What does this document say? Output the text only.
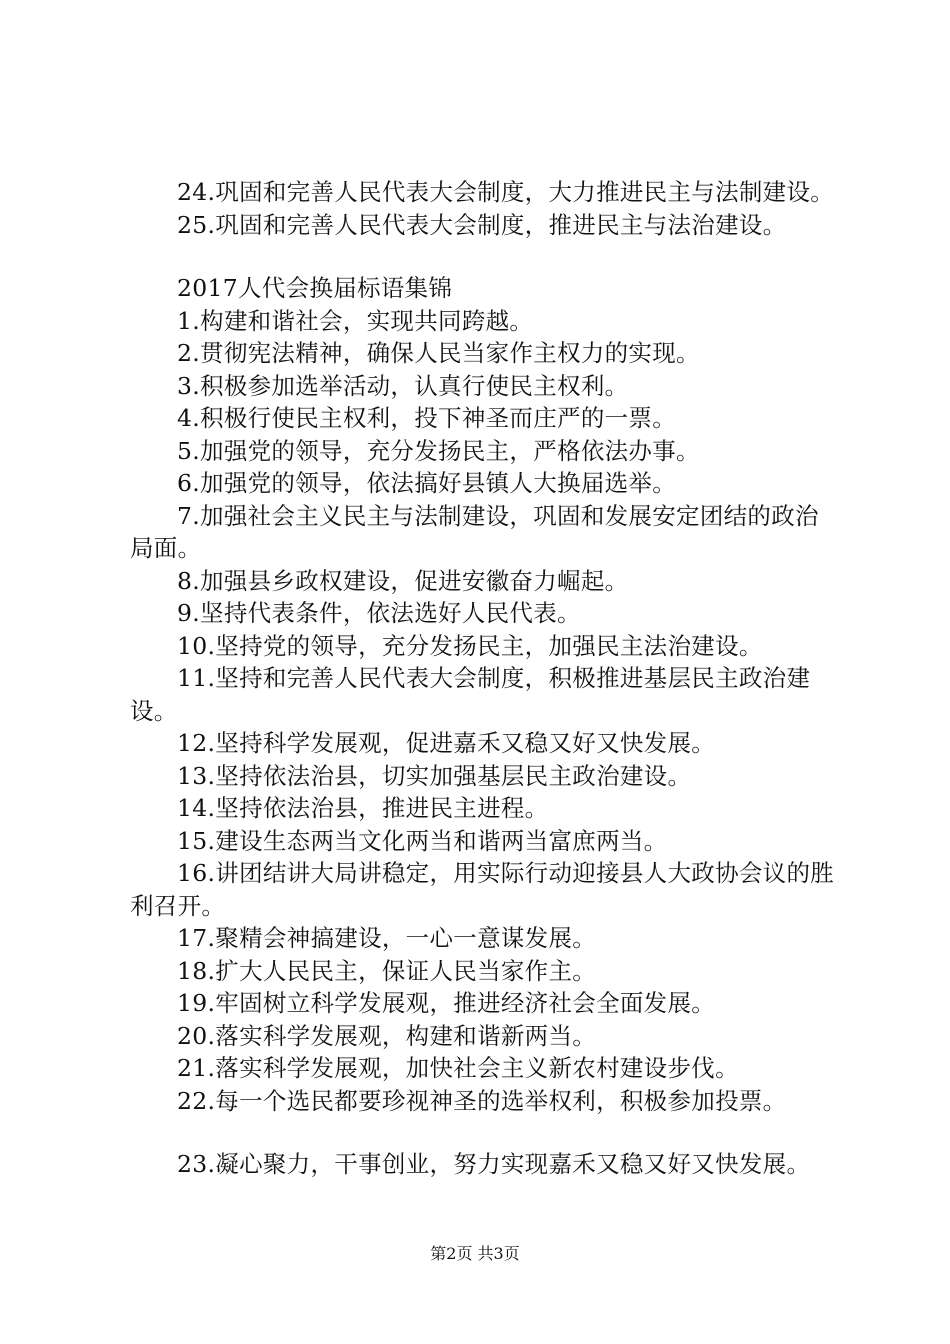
24.巩固和完善人民代表大会制度，大力推进民主与法制建设。

25.巩固和完善人民代表大会制度，推进民主与法治建设。

2017人代会换届标语集锦

1.构建和谐社会，实现共同跨越。

2.贯彻宪法精神，确保人民当家作主权力的实现。

3.积极参加选举活动，认真行使民主权利。

4.积极行使民主权利，投下神圣而庄严的一票。

5.加强党的领导，充分发扬民主，严格依法办事。

6.加强党的领导，依法搞好县镇人大换届选举。

7.加强社会主义民主与法制建设，巩固和发展安定团结的政治局面。

8.加强县乡政权建设，促进安徽奋力崛起。

9.坚持代表条件，依法选好人民代表。

10.坚持党的领导，充分发扬民主，加强民主法治建设。

11.坚持和完善人民代表大会制度，积极推进基层民主政治建设。

12.坚持科学发展观，促进嘉禾又稳又好又快发展。

13.坚持依法治县，切实加强基层民主政治建设。

14.坚持依法治县，推进民主进程。

15.建设生态两当文化两当和谐两当富庶两当。

16.讲团结讲大局讲稳定，用实际行动迎接县人大政协会议的胜利召开。

17.聚精会神搞建设，一心一意谋发展。

18.扩大人民民主，保证人民当家作主。

19.牢固树立科学发展观，推进经济社会全面发展。

20.落实科学发展观，构建和谐新两当。

21.落实科学发展观，加快社会主义新农村建设步伐。

22.每一个选民都要珍视神圣的选举权利，积极参加投票。

23.凝心聚力，干事创业，努力实现嘉禾又稳又好又快发展。

第2页 共3页
